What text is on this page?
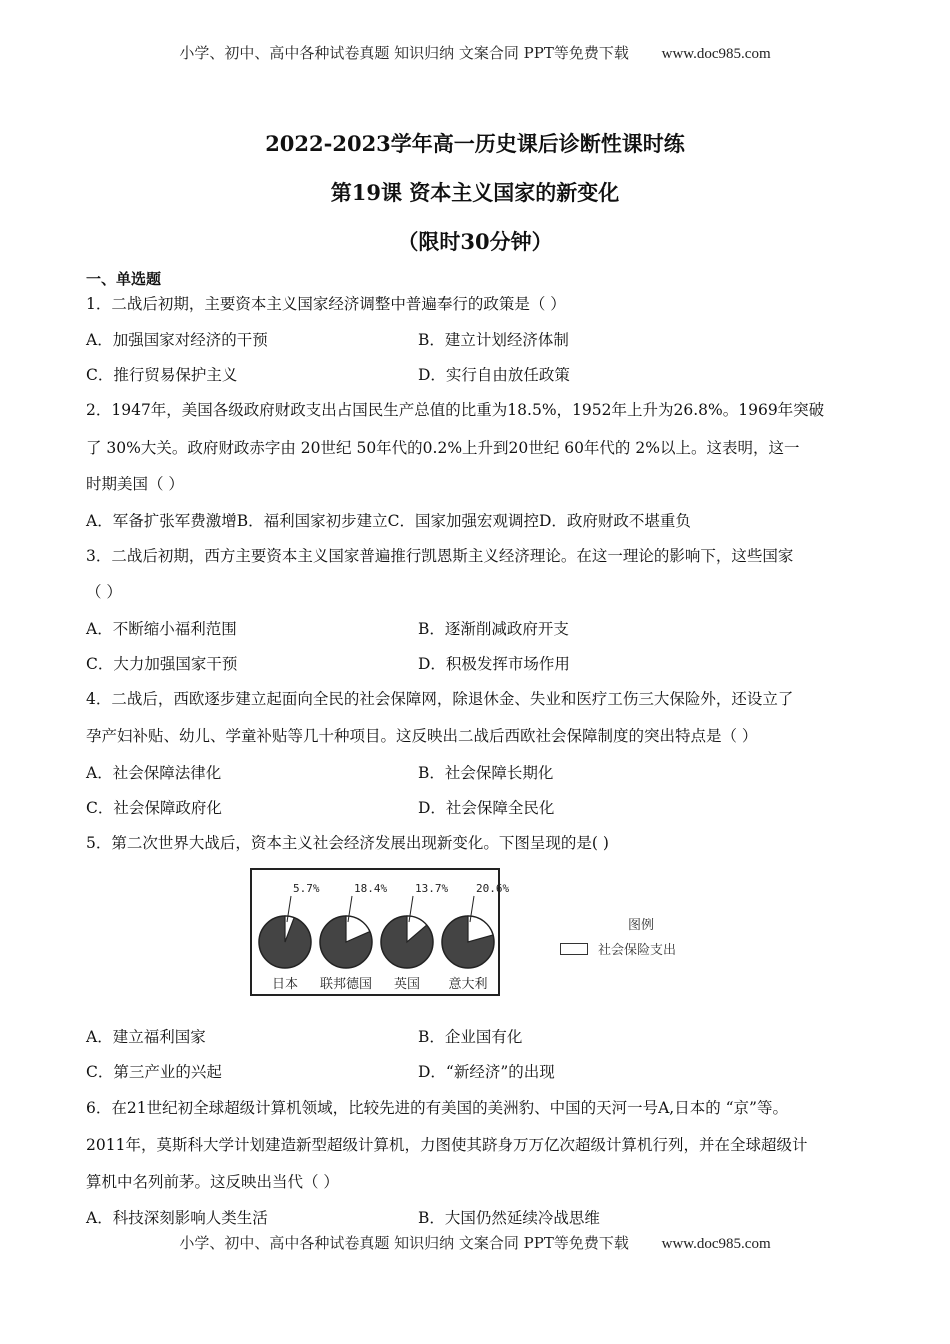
小学、初中、高中各种试卷真题 知识归纳 文案合同 PPT等免费下载 www.doc985.com
2022-2023学年高一历史课后诊断性课时练
第19课 资本主义国家的新变化
（限时30分钟）
一、单选题
1．二战后初期，主要资本主义国家经济调整中普遍奉行的政策是（ ）
A．加强国家对经济的干预	B．建立计划经济体制
C．推行贸易保护主义	D．实行自由放任政策
2．1947年，美国各级政府财政支出占国民生产总值的比重为18.5%，1952年上升为26.8%。1969年突破
了 30%大关。政府财政赤字由 20世纪 50年代的0.2%上升到20世纪 60年代的 2%以上。这表明，这一
时期美国（ ）
A．军备扩张军费激增B．福利国家初步建立C．国家加强宏观调控D．政府财政不堪重负
3．二战后初期，西方主要资本主义国家普遍推行凯恩斯主义经济理论。在这一理论的影响下，这些国家
（ ）
A．不断缩小福利范围	B．逐渐削减政府开支
C．大力加强国家干预	D．积极发挥市场作用
4．二战后，西欧逐步建立起面向全民的社会保障网，除退休金、失业和医疗工伤三大保险外，还设立了
孕产妇补贴、幼儿、学童补贴等几十种项目。这反映出二战后西欧社会保障制度的突出特点是（ ）
A．社会保障法律化	B．社会保障长期化
C．社会保障政府化	D．社会保障全民化
5．第二次世界大战后，资本主义社会经济发展出现新变化。下图呈现的是( )
5.7%
日本
18.4%
联邦德国
13.7%
英国
20.6%
意大利
图例
社会保险支出
A．建立福利国家	B．企业国有化
C．第三产业的兴起	D．“新经济”的出现
6．在21世纪初全球超级计算机领域，比较先进的有美国的美洲豹、中国的天河一号A,日本的 “京”等。
2011年，莫斯科大学计划建造新型超级计算机，力图使其跻身万万亿次超级计算机行列，并在全球超级计
算机中名列前茅。这反映出当代（ ）
A．科技深刻影响人类生活	B．大国仍然延续冷战思维
小学、初中、高中各种试卷真题 知识归纳 文案合同 PPT等免费下载 www.doc985.com
